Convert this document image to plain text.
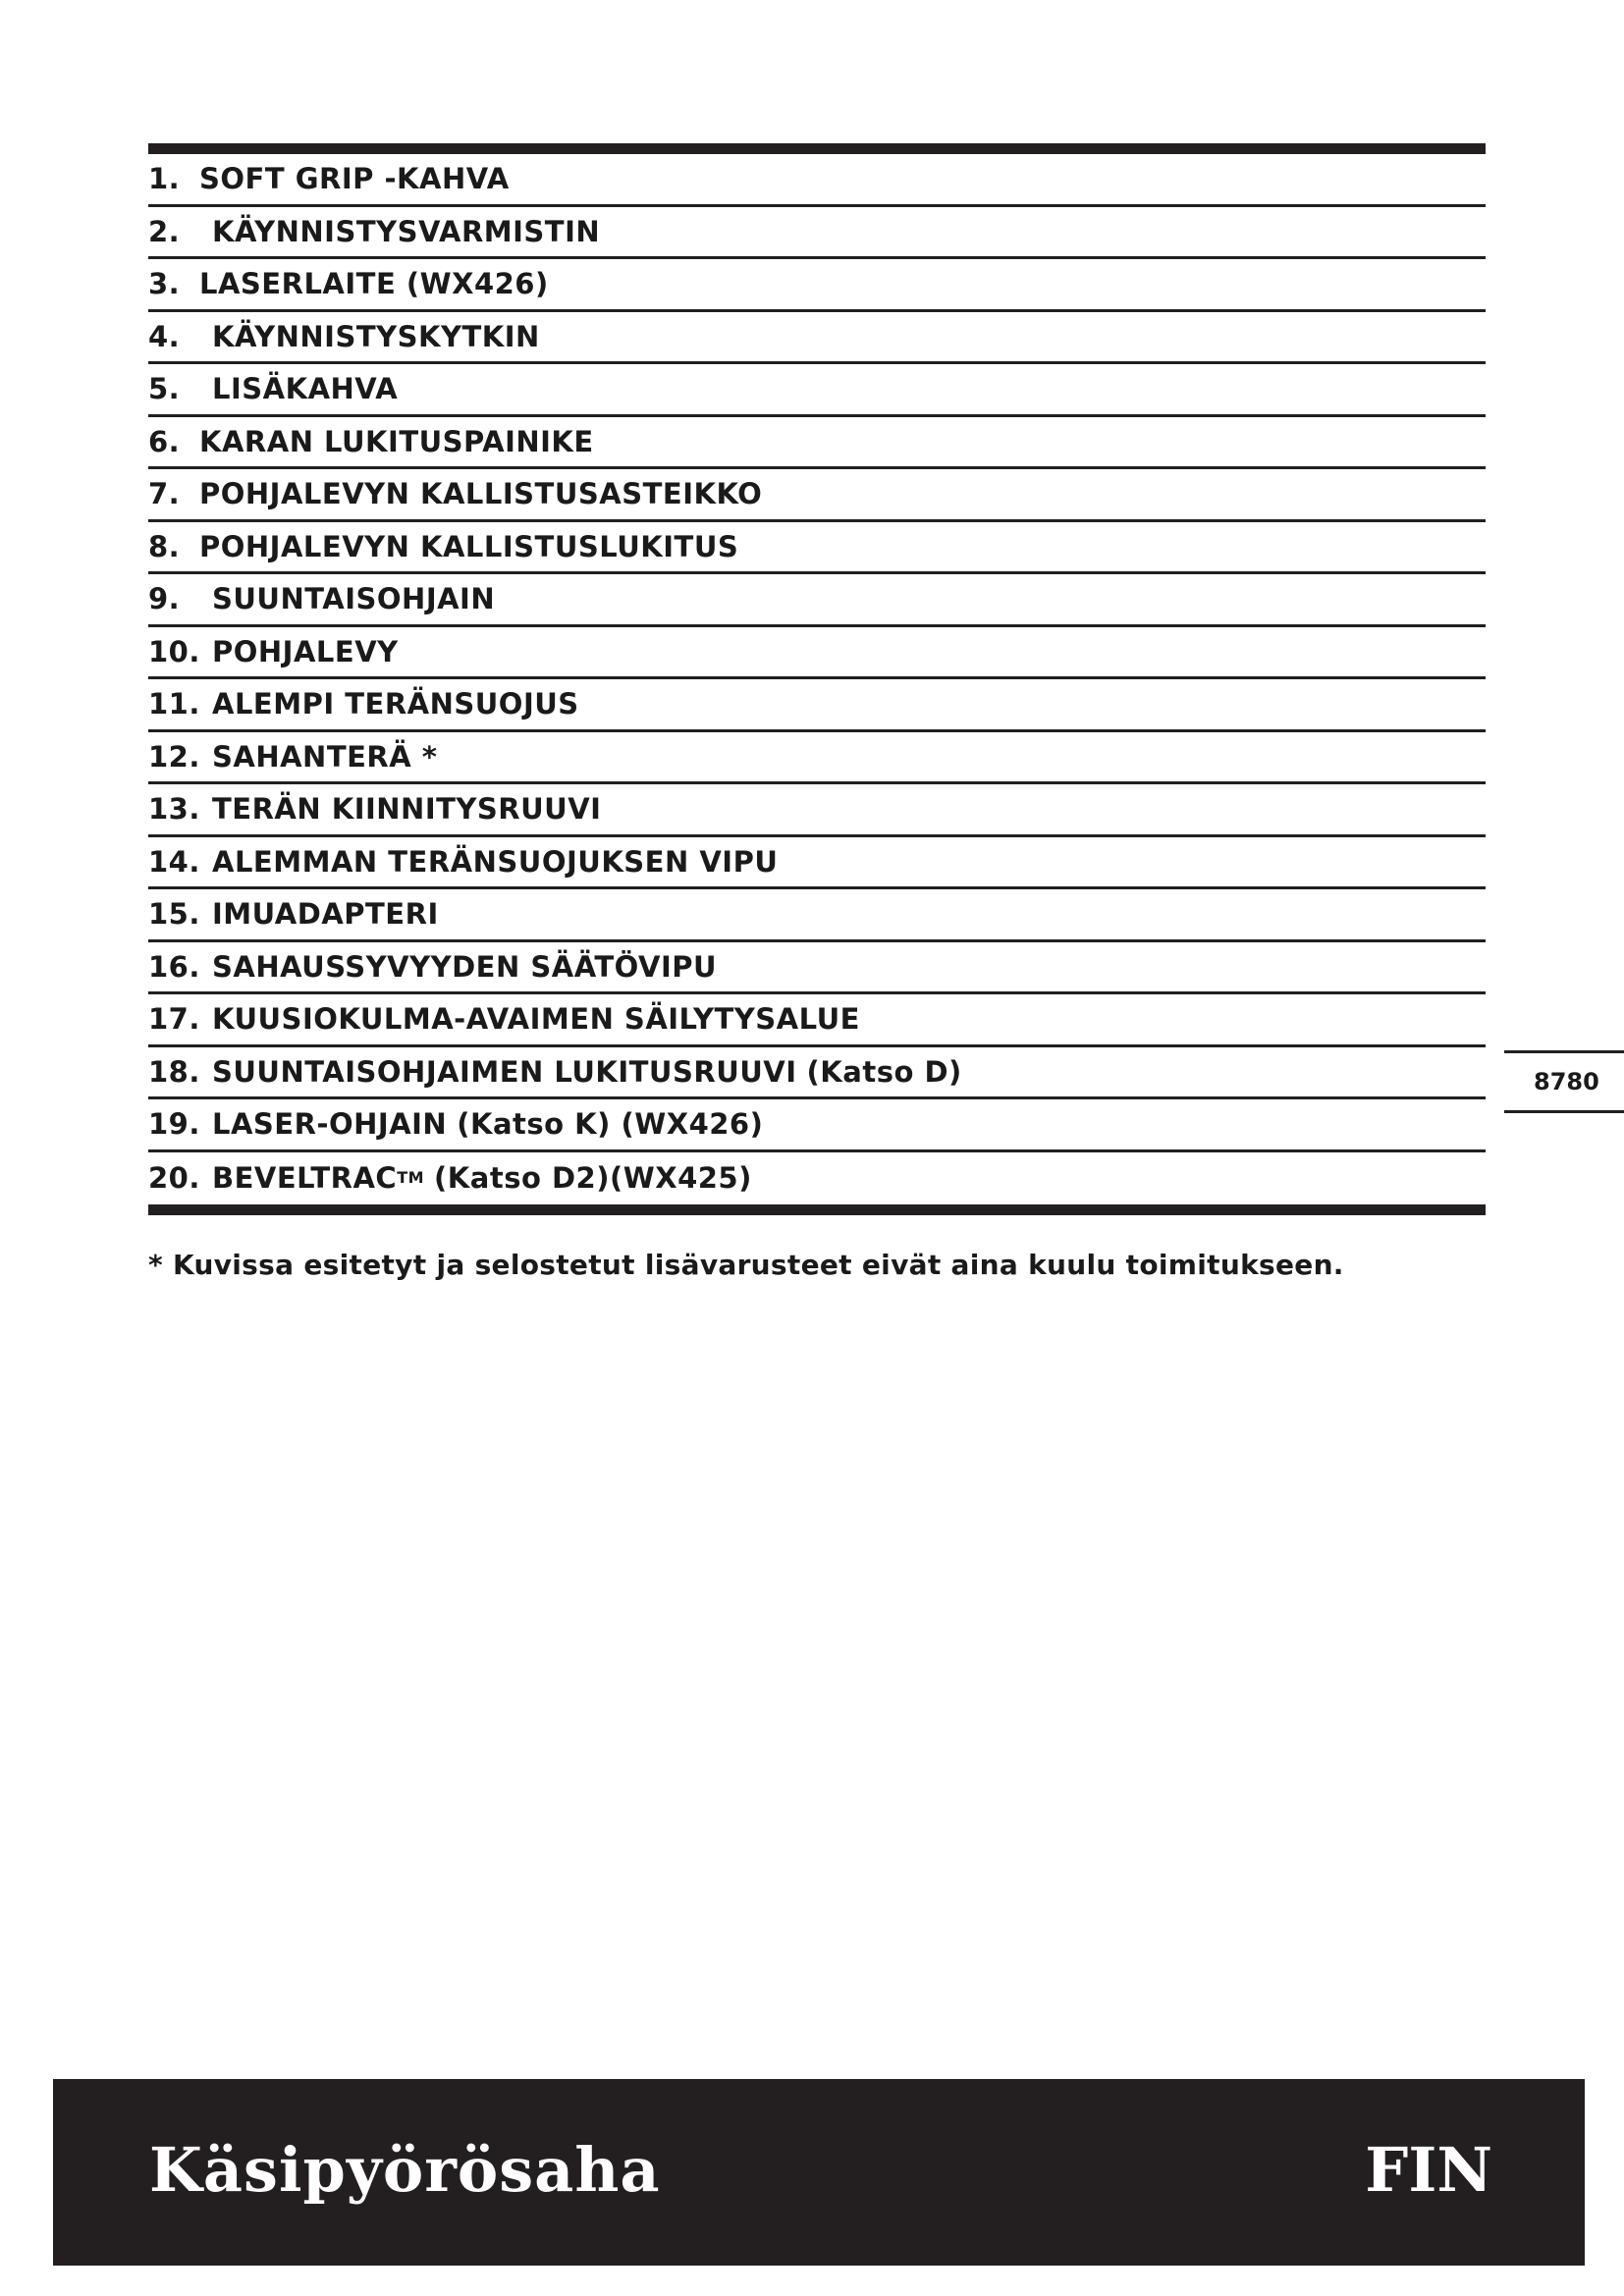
1. SOFT GRIP -KAHVA
2.	KÄYNNISTYSVARMISTIN
3. LASERLAITE (WX426)
4.	KÄYNNISTYSKYTKIN
5.	LISÄKAHVA
6. KARAN LUKITUSPAINIKE
7. POHJALEVYN KALLISTUSASTEIKKO
8. POHJALEVYN KALLISTUSLUKITUS
9.	SUUNTAISOHJAIN
10. POHJALEVY
11. ALEMPI TERÄNSUOJUS
12. SAHANTERÄ *
13. TERÄN KIINNITYSRUUVI
14. ALEMMAN TERÄNSUOJUKSEN VIPU
15. IMUADAPTERI
16. SAHAUSSYVYYDEN SÄÄTÖVIPU
17. KUUSIOKULMA-AVAIMEN SÄILYTYSALUE
18. SUUNTAISOHJAIMEN LUKITUSRUUVI (Katso D)
19. LASER-OHJAIN (Katso K) (WX426)
20. BEVELTRAC TM (Katso D2)(WX425)
8780
* Kuvissa esitetyt ja selostetut lisävarusteet eivät aina kuulu toimitukseen.
Käsipyörösaha	FIN
